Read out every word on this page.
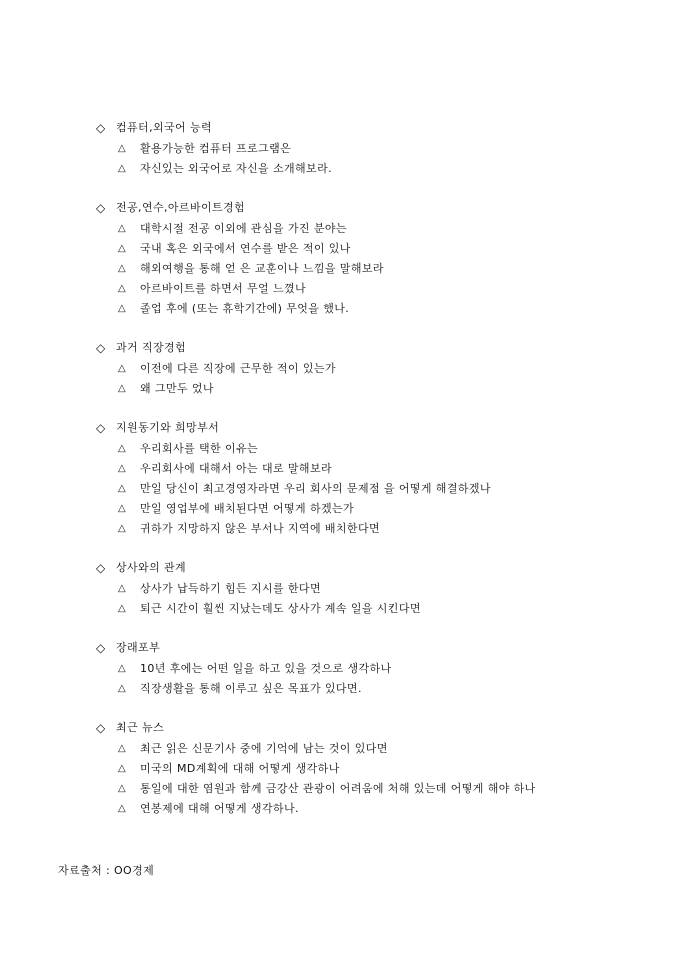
◇ 컴퓨터,외국어 능력
△	활용가능한 컴퓨터 프로그램은
△	자신있는 외국어로 자신을 소개해보라.
◇ 전공,연수,아르바이트경험
△	대학시절 전공 이외에 관심을 가진 분야는
△	국내 혹은 외국에서 연수를 받은 적이 있나
△	해외여행을 통해 얻 은 교훈이나 느낌을 말해보라
△	아르바이트를 하면서 무얼 느꼈나
△	졸업 후에 (또는 휴학기간에) 무엇을 했나.
◇ 과거 직장경험
△	이전에 다른 직장에 근무한 적이 있는가
△	왜 그만두 었나
◇ 지원동기와 희망부서
△	우리회사를 택한 이유는
△	우리회사에 대해서 아는 대로 말해보라
△	만일 당신이 최고경영자라면 우리 회사의 문제점 을 어떻게 해결하겠나
△	만일 영업부에 배치된다면 어떻게 하겠는가
△	귀하가 지망하지 않은 부서나 지역에 배치한다면
◇ 상사와의 관계
△	상사가 납득하기 힘든 지시를 한다면
△	퇴근 시간이 훨씬 지났는데도 상사가 계속 일을 시킨다면
◇ 장래포부
△	10년 후에는 어떤 일을 하고 있을 것으로 생각하나
△	직장생활을 통해 이루고 싶은 목표가 있다면.
◇ 최근 뉴스
△	최근 읽은 신문기사 중에 기억에 남는 것이 있다면
△	미국의 MD계획에 대해 어떻게 생각하나
△	통일에 대한 염원과 함께 금강산 관광이 어려움에 처해 있는데 어떻게 해야 하나
△	연봉제에 대해 어떻게 생각하나.
자료출처 : OO경제
